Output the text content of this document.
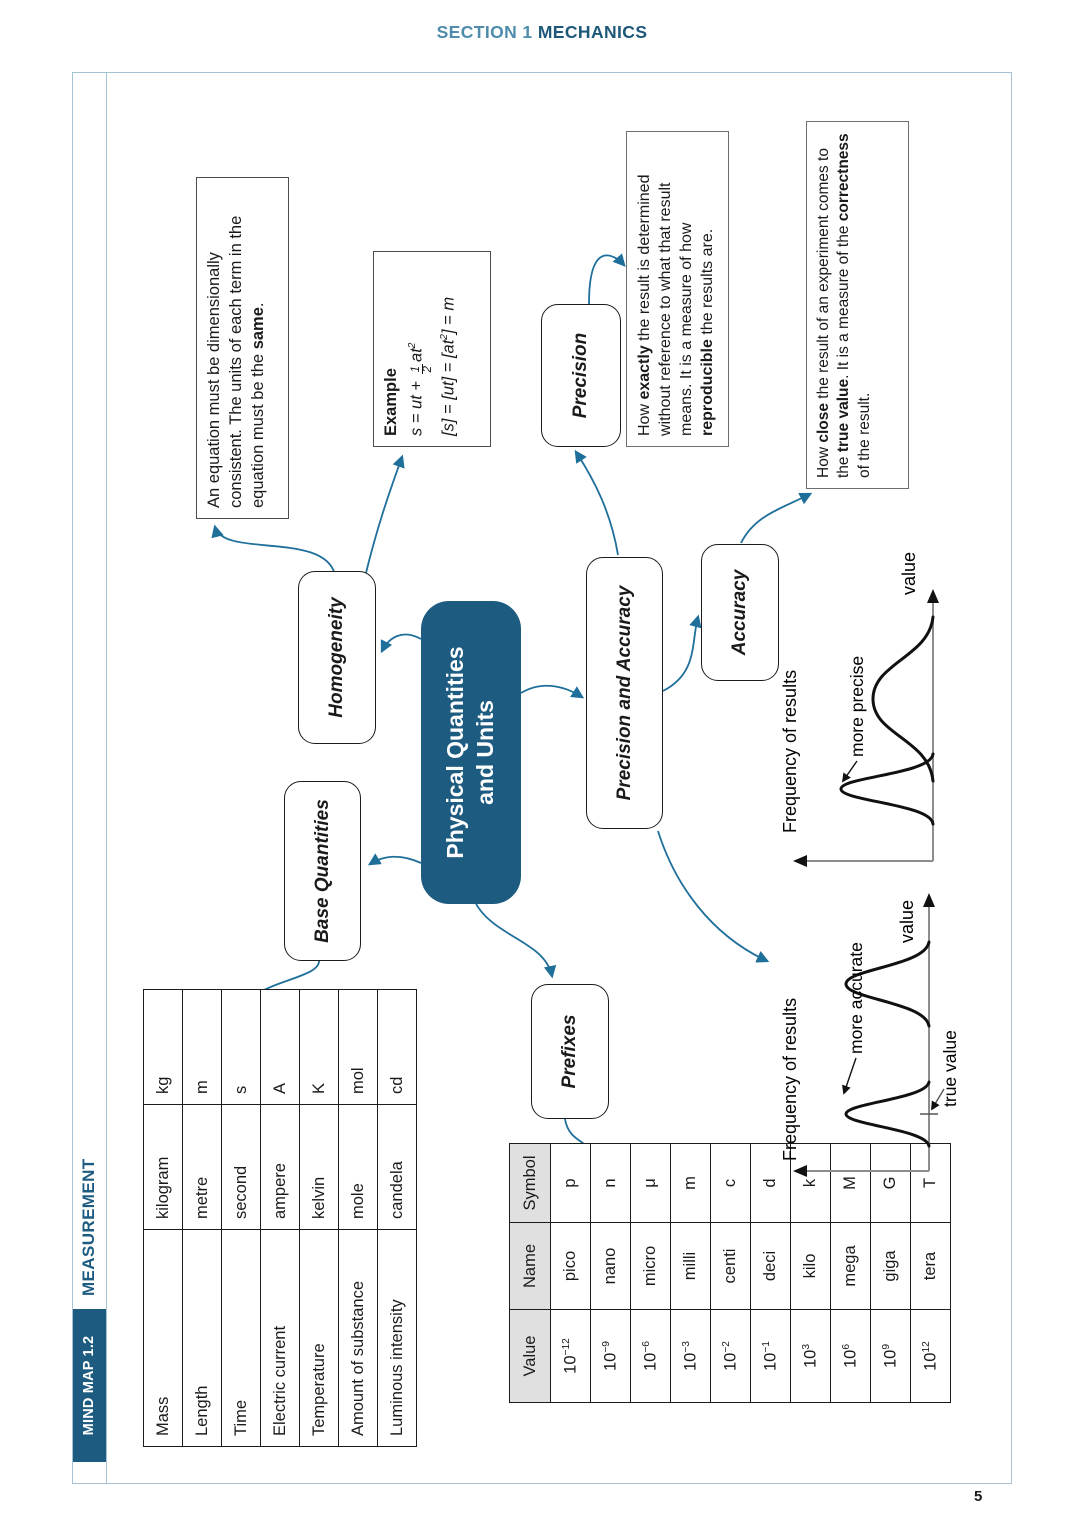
SECTION 1 MECHANICS
5
MIND MAP 1.2
MEASUREMENT
Physical Quantities and Units
Homogeneity
Base Quantities
Precision and Accuracy
Precision
Accuracy
Prefixes
An equation must be dimensionally consistent. The units of each term in the equation must be the same.
Example s = ut +
1 2
$at^2$	$[s] = [ut] = [at^2] = m$
How exactly the result is determined without reference to what that result means. It is a measure of how reproducible the results are.
How close the result of an experiment comes to the true value. It is a measure of the correctness of the result.
Mass	kilogram	kg
Length	metre	m
Time	second	s
Electric current	ampere	A
Temperature	kelvin	K
Amount of substance	mole	mol
Luminous intensity	candela	cd
Value	Name	Symbol
$10^{-12}$	pico	p
$10^{-9}$	nano	n
$10^{-6}$	micro	μ
$10^{-3}$	milli	m
$10^{-2}$	centi	c
$10^{-1}$	deci	d
$10^3$	kilo	k
$10^6$	mega	M
$10^9$	giga	G
$10^{12}$	tera	T
Frequency of results
value
more precise
Frequency of results
value
more accurate
true value
